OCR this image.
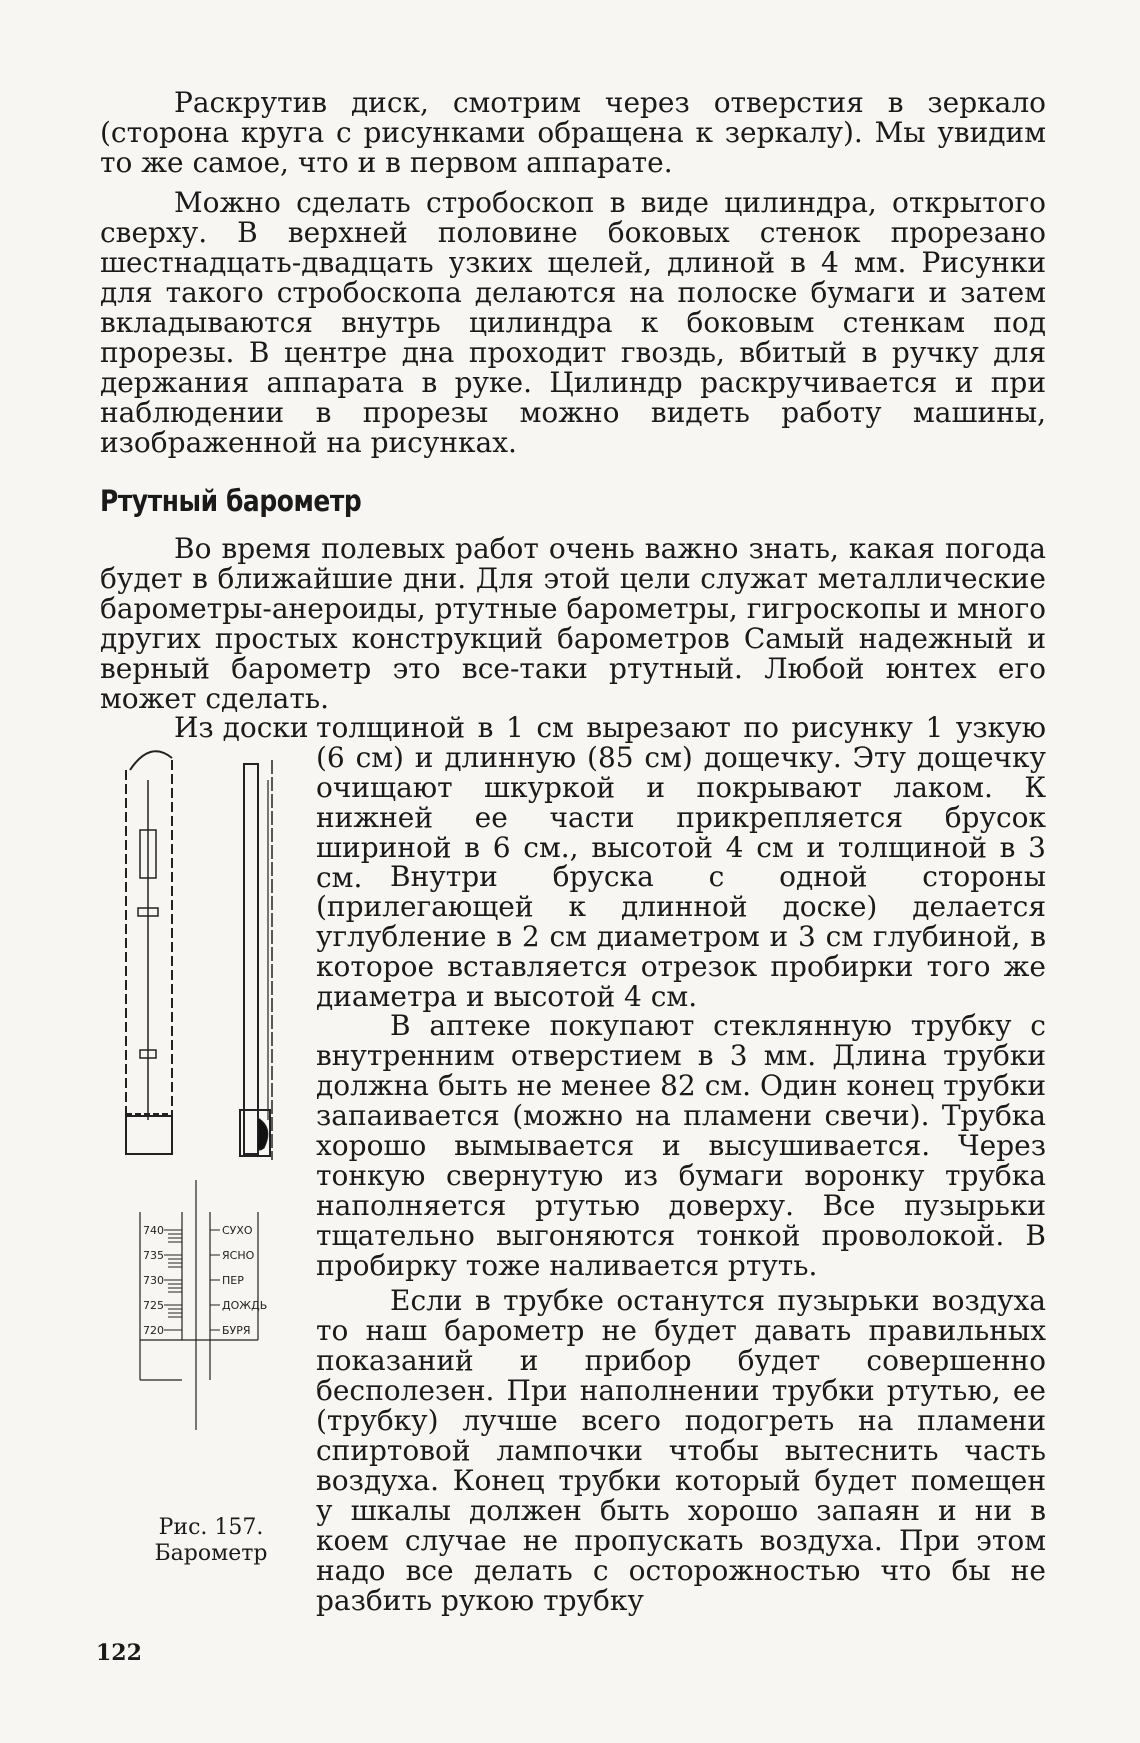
Раскрутив диск, смотрим через отверстия в зеркало (сторона круга с рисунками обращена к зеркалу). Мы увидим то же самое, что и в первом аппарате.

Можно сделать стробоскоп в виде цилиндра, открытого сверху. В верхней половине боковых стенок прорезано шестнадцать-двадцать узких щелей, длиной в 4 мм. Рисунки для такого стробоскопа делаются на полоске бумаги и затем вкладываются внутрь цилиндра к боковым стенкам под прорезы. В центре дна проходит гвоздь, вбитый в ручку для держания аппарата в руке. Цилиндр раскручивается и при наблюдении в прорезы можно видеть работу машины, изображенной на рисунках.

Ртутный барометр

Во время полевых работ очень важно знать, какая погода будет в ближайшие дни. Для этой цели служат металлические барометры-анероиды, ртутные барометры, гигроскопы и много других простых конструкций барометров Самый надежный и верный барометр это все-таки ртутный. Любой юнтех его может сделать.

Из доски толщиной в 1 см вырезают по рисунку 1 узкую (6 см) и длинную (85 см) дощечку. Эту дощечку очищают шкуркой и покрывают лаком. К нижней ее части прикрепляется брусок шириной в 6 см., высотой 4 см и толщиной в 3 см. Внутри бруска с одной стороны (прилегающей к длинной доске) делается углубление в 2 см диаметром и 3 см глубиной, в которое вставляется отрезок пробирки того же диаметра и высотой 4 см.

В аптеке покупают стеклянную трубку с внутренним отверстием в 3 мм. Длина трубки должна быть не менее 82 см. Один конец трубки запаивается (можно на пламени свечи). Трубка хорошо вымывается и высушивается. Через тонкую свернутую из бумаги воронку трубка наполняется ртутью доверху. Все пузырьки тщательно выгоняются тонкой проволокой. В пробирку тоже наливается ртуть.

Если в трубке останутся пузырьки воздуха то наш барометр не будет давать правильных показаний и прибор будет совершенно бесполезен. При наполнении трубки ртутью, ее (трубку) лучше всего подогреть на пламени спиртовой лампочки чтобы вытеснить часть воздуха. Конец трубки который будет помещен у шкалы должен быть хорошо запаян и ни в коем случае не пропускать воздуха. При этом надо все делать с осторожностью что бы не разбить рукою трубку

740
735
730
725
720
СУХО
ЯСНО
ПЕР
ДОЖДЬ
БУРЯ

Рис. 157. Барометр

122
